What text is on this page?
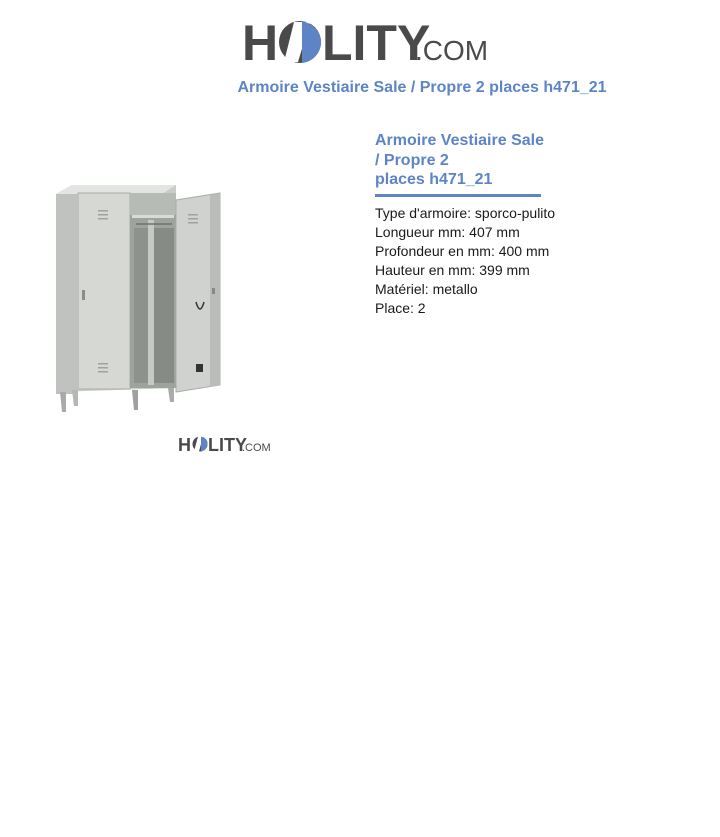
H LITY
.COM
Armoire Vestiaire Sale / Propre 2 places h471_21
H LITY
.COM
Armoire Vestiaire Sale
/ Propre 2
places h471_21
Type d'armoire: sporco-pulito
Longueur mm: 407 mm
Profondeur en mm: 400 mm
Hauteur en mm: 399 mm
Matériel: metallo
Place: 2
